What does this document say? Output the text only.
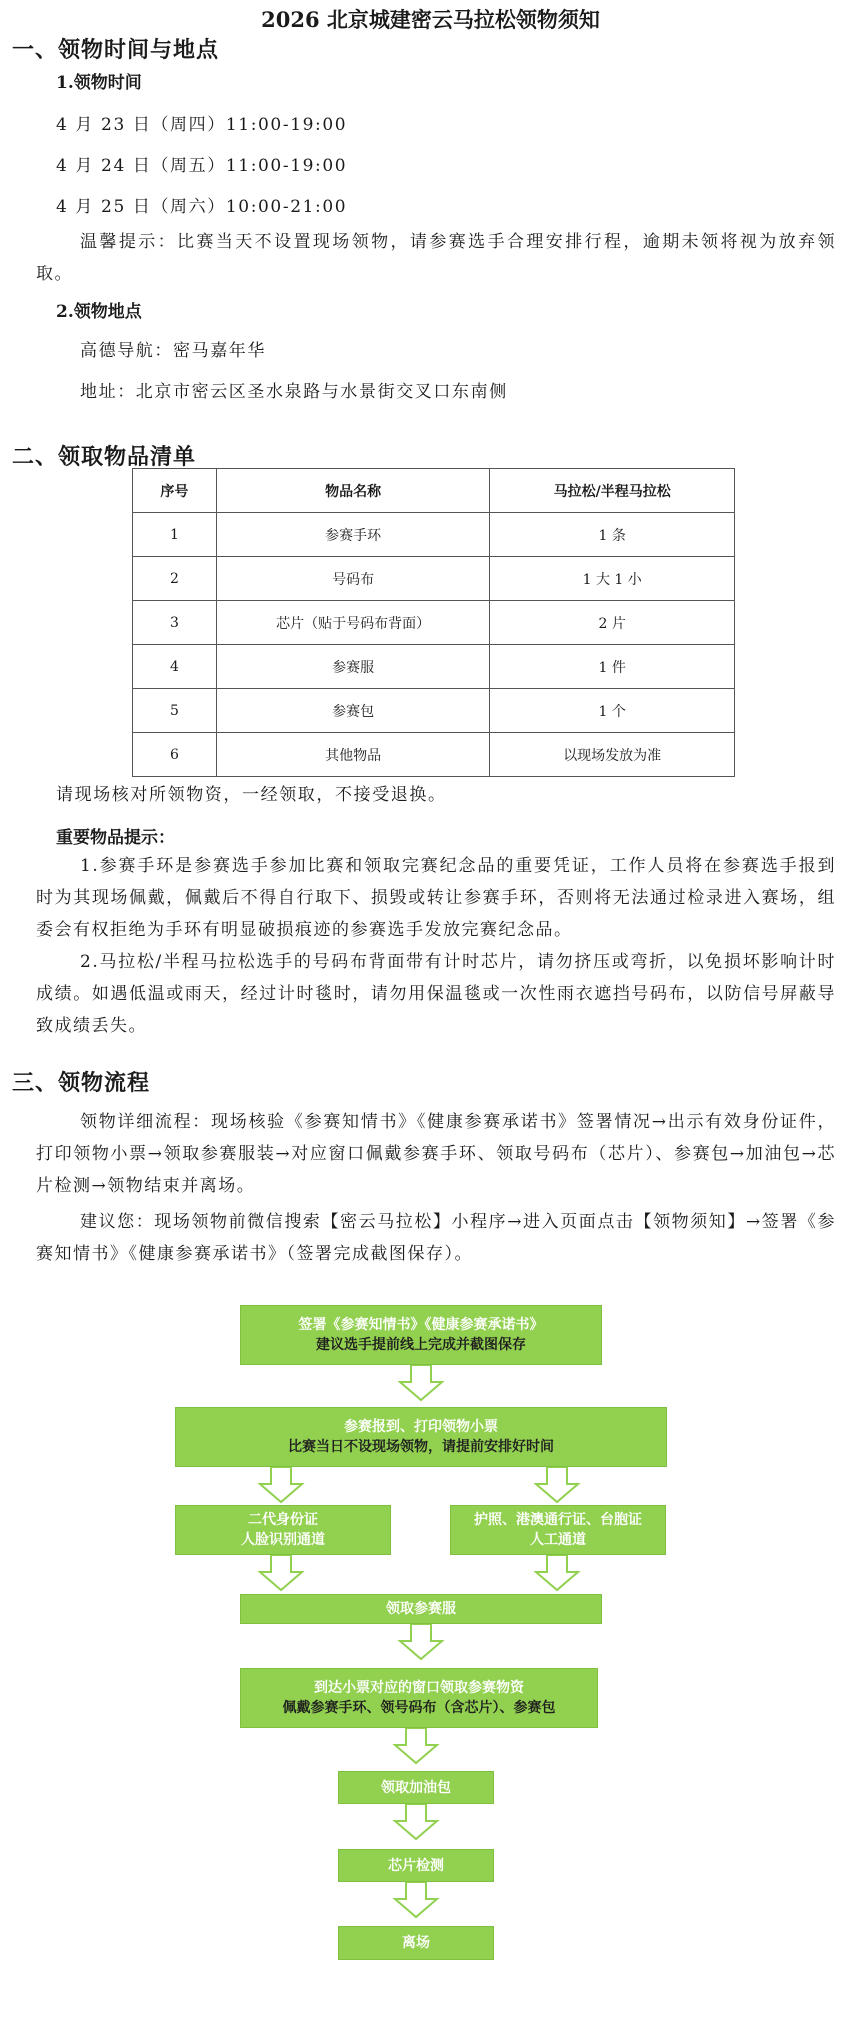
2026 北京城建密云马拉松领物须知
一、领物时间与地点
1.领物时间
4 月 23 日（周四）11:00-19:00
4 月 24 日（周五）11:00-19:00
4 月 25 日（周六）10:00-21:00
温馨提示：比赛当天不设置现场领物，请参赛选手合理安排行程，逾期未领将视为放弃领取。
2.领物地点
高德导航：密马嘉年华
地址：北京市密云区圣水泉路与水景街交叉口东南侧
二、领取物品清单
序号	物品名称	马拉松/半程马拉松
1	参赛手环	1 条
2	号码布	1 大 1 小
3	芯片（贴于号码布背面）	2 片
4	参赛服	1 件
5	参赛包	1 个
6	其他物品	以现场发放为准
请现场核对所领物资，一经领取，不接受退换。
重要物品提示：
1.参赛手环是参赛选手参加比赛和领取完赛纪念品的重要凭证，工作人员将在参赛选手报到时为其现场佩戴，佩戴后不得自行取下、损毁或转让参赛手环，否则将无法通过检录进入赛场，组委会有权拒绝为手环有明显破损痕迹的参赛选手发放完赛纪念品。
2.马拉松/半程马拉松选手的号码布背面带有计时芯片，请勿挤压或弯折，以免损坏影响计时成绩。如遇低温或雨天，经过计时毯时，请勿用保温毯或一次性雨衣遮挡号码布，以防信号屏蔽导致成绩丢失。
三、领物流程
领物详细流程：现场核验《参赛知情书》《健康参赛承诺书》签署情况→出示有效身份证件，打印领物小票→领取参赛服装→对应窗口佩戴参赛手环、领取号码布（芯片）、参赛包→加油包→芯片检测→领物结束并离场。
建议您：现场领物前微信搜索【密云马拉松】小程序→进入页面点击【领物须知】→签署《参赛知情书》《健康参赛承诺书》（签署完成截图保存）。
签署《参赛知情书》《健康参赛承诺书》
建议选手提前线上完成并截图保存
参赛报到、打印领物小票
比赛当日不设现场领物，请提前安排好时间
二代身份证
人脸识别通道
护照、港澳通行证、台胞证
人工通道
领取参赛服
到达小票对应的窗口领取参赛物资
佩戴参赛手环、领号码布（含芯片）、参赛包
领取加油包
芯片检测
离场
